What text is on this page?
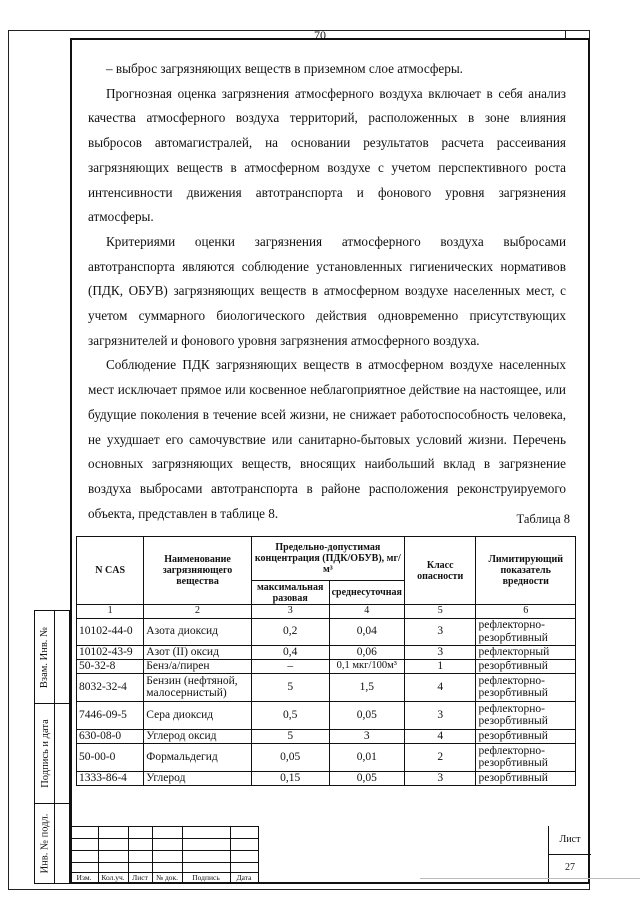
70

– выброс загрязняющих веществ в приземном слое атмосферы.

Прогнозная оценка загрязнения атмосферного воздуха включает в себя анализ качества атмосферного воздуха территорий, расположенных в зоне влияния выбросов автомагистралей, на основании результатов расчета рассеивания загрязняющих веществ в атмосферном воздухе с учетом перспективного роста интенсивности движения автотранспорта и фонового уровня загрязнения атмосферы.

Критериями оценки загрязнения атмосферного воздуха выбросами автотранспорта являются соблюдение установленных гигиенических нормативов (ПДК, ОБУВ) загрязняющих веществ в атмосферном воздухе населенных мест, с учетом суммарного биологического действия одновременно присутствующих загрязнителей и фонового уровня загрязнения атмосферного воздуха.

Соблюдение ПДК загрязняющих веществ в атмосферном воздухе населенных мест исключает прямое или косвенное неблагоприятное действие на настоящее, или будущие поколения в течение всей жизни, не снижает работоспособность человека, не ухудшает его самочувствие или санитарно-бытовых условий жизни. Перечень основных загрязняющих веществ, вносящих наибольший вклад в загрязнение воздуха выбросами автотранспорта в районе расположения реконструируемого объекта, представлен в таблице 8.	Таблица 8
N CAS	Наименование загрязняющего вещества	Предельно-допустимая концентрация (ПДК/ОБУВ), мг/м³		Класс опасности	Лимитирующий показатель вредности
		максимальная разовая	среднесуточная		
1	2	3	4	5	6
10102-44-0	Азота диоксид	0,2	0,04	3	рефлекторно-резорбтивный
10102-43-9	Азот (II) оксид	0,4	0,06	3	рефлекторный
50-32-8	Бенз/а/пирен	–	0,1 мкг/100м³	1	резорбтивный
8032-32-4	Бензин (нефтяной, малосернистый)	5	1,5	4	рефлекторно-резорбтивный
7446-09-5	Сера диоксид	0,5	0,05	3	рефлекторно-резорбтивный
630-08-0	Углерод оксид	5	3	4	резорбтивный
50-00-0	Формальдегид	0,05	0,01	2	рефлекторно-резорбтивный
1333-86-4	Углерод	0,15	0,05	3	резорбтивный
Взам. Инв. №
Подпись и дата
Инв. № подл.
Изм.	Кол.уч.	Лист	№ док.	Подпись	Дата
Лист
27
